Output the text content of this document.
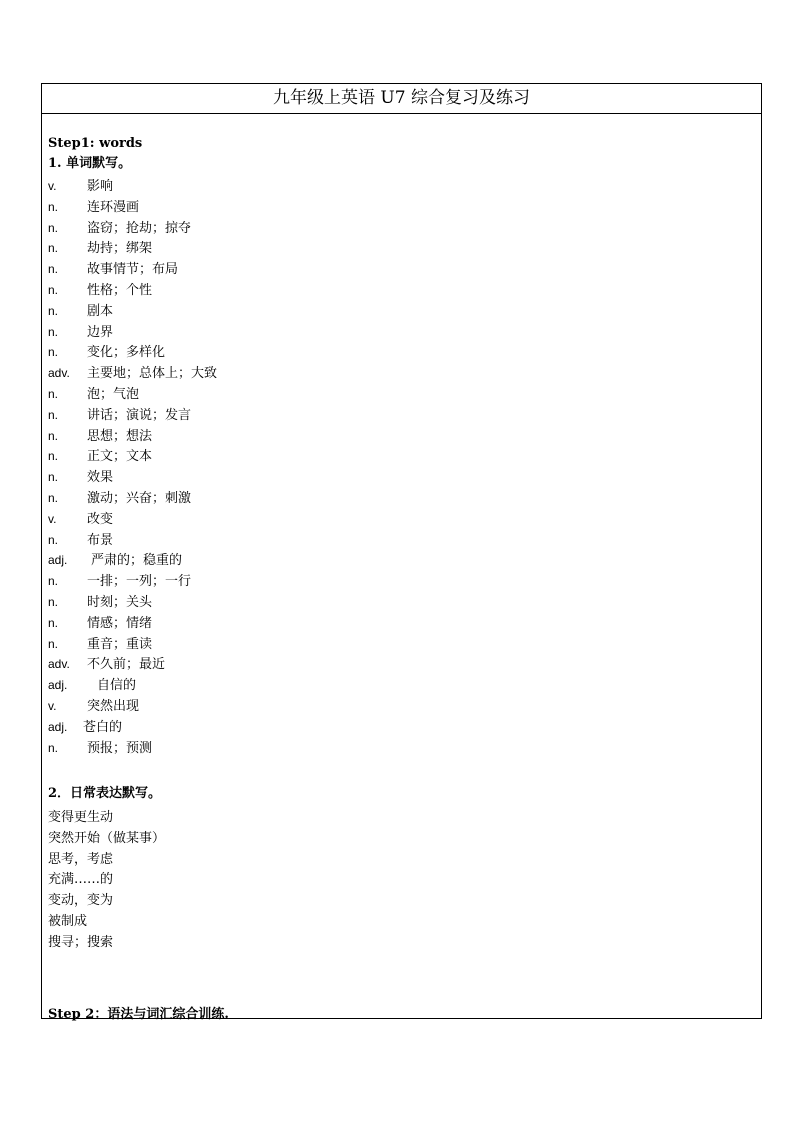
九年级上英语 U7 综合复习及练习
Step1: words
1. 单词默写。
v. 影响
n. 连环漫画
n. 盗窃；抢劫；掠夺
n. 劫持；绑架
n. 故事情节；布局
n. 性格；个性
n. 剧本
n. 边界
n. 变化；多样化
adv. 主要地；总体上；大致
n. 泡；气泡
n. 讲话；演说；发言
n. 思想；想法
n. 正文；文本
n. 效果
n. 激动；兴奋；刺激
v. 改变
n. 布景
adj. 严肃的；稳重的
n. 一排；一列；一行
n. 时刻；关头
n. 情感；情绪
n. 重音；重读
adv. 不久前；最近
adj. 自信的
v. 突然出现
adj. 苍白的
n. 预报；预测
2．日常表达默写。
变得更生动
突然开始（做某事）
思考，考虑
充满……的
变动，变为
被制成
搜寻；搜索
Step 2：语法与词汇综合训练.
